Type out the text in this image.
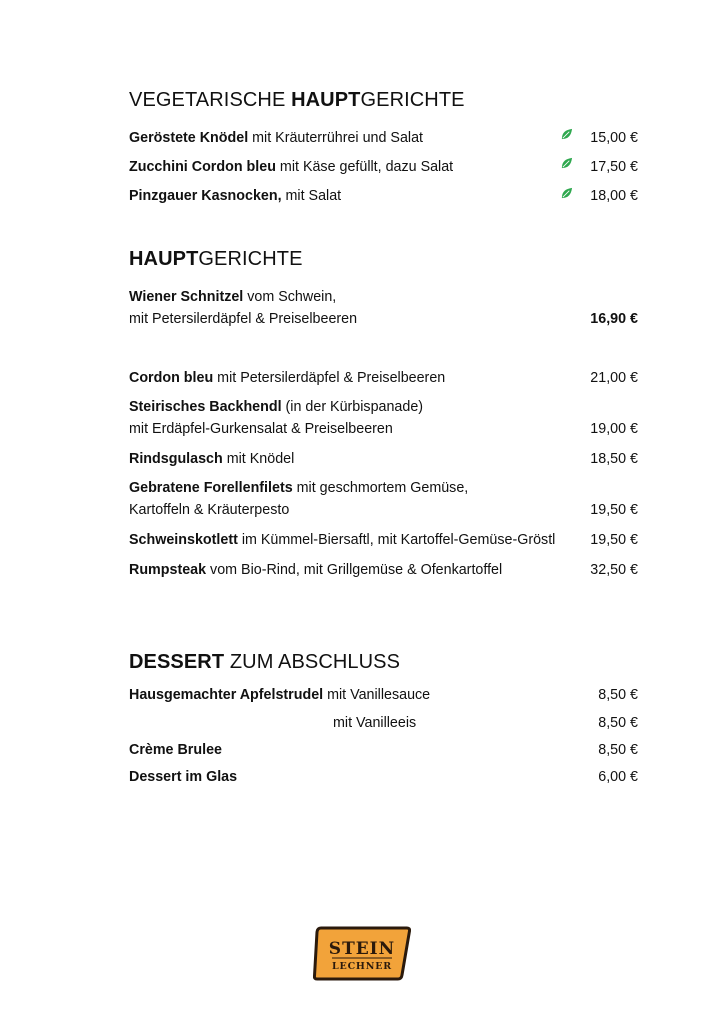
VEGETARISCHE HAUPTGERICHTE
Geröstete Knödel mit Kräuterrührei und Salat	15,00 €
Zucchini Cordon bleu mit Käse gefüllt, dazu Salat	17,50 €
Pinzgauer Kasnocken, mit Salat	18,00 €
HAUPTGERICHTE
Wiener Schnitzel vom Schwein,
mit Petersilerdäpfel & Preiselbeeren	16,90 €
Cordon bleu mit Petersilerdäpfel & Preiselbeeren	21,00 €
Steirisches Backhendl (in der Kürbispanade)
mit Erdäpfel-Gurkensalat & Preiselbeeren	19,00 €
Rindsgulasch mit Knödel	18,50 €
Gebratene Forellenfilets mit geschmortem Gemüse,
Kartoffeln & Kräuterpesto	19,50 €
Schweinskotlett im Kümmel-Biersaftl, mit Kartoffel-Gemüse-Gröstl 19,50 €
Rumpsteak vom Bio-Rind, mit Grillgemüse & Ofenkartoffel	32,50 €
DESSERT ZUM ABSCHLUSS
Hausgemachter Apfelstrudel mit Vanillesauce	8,50 €
mit Vanilleeis	8,50 €
Crème Brulee	8,50 €
Dessert im Glas	6,00 €
STEIN
LECHNER
